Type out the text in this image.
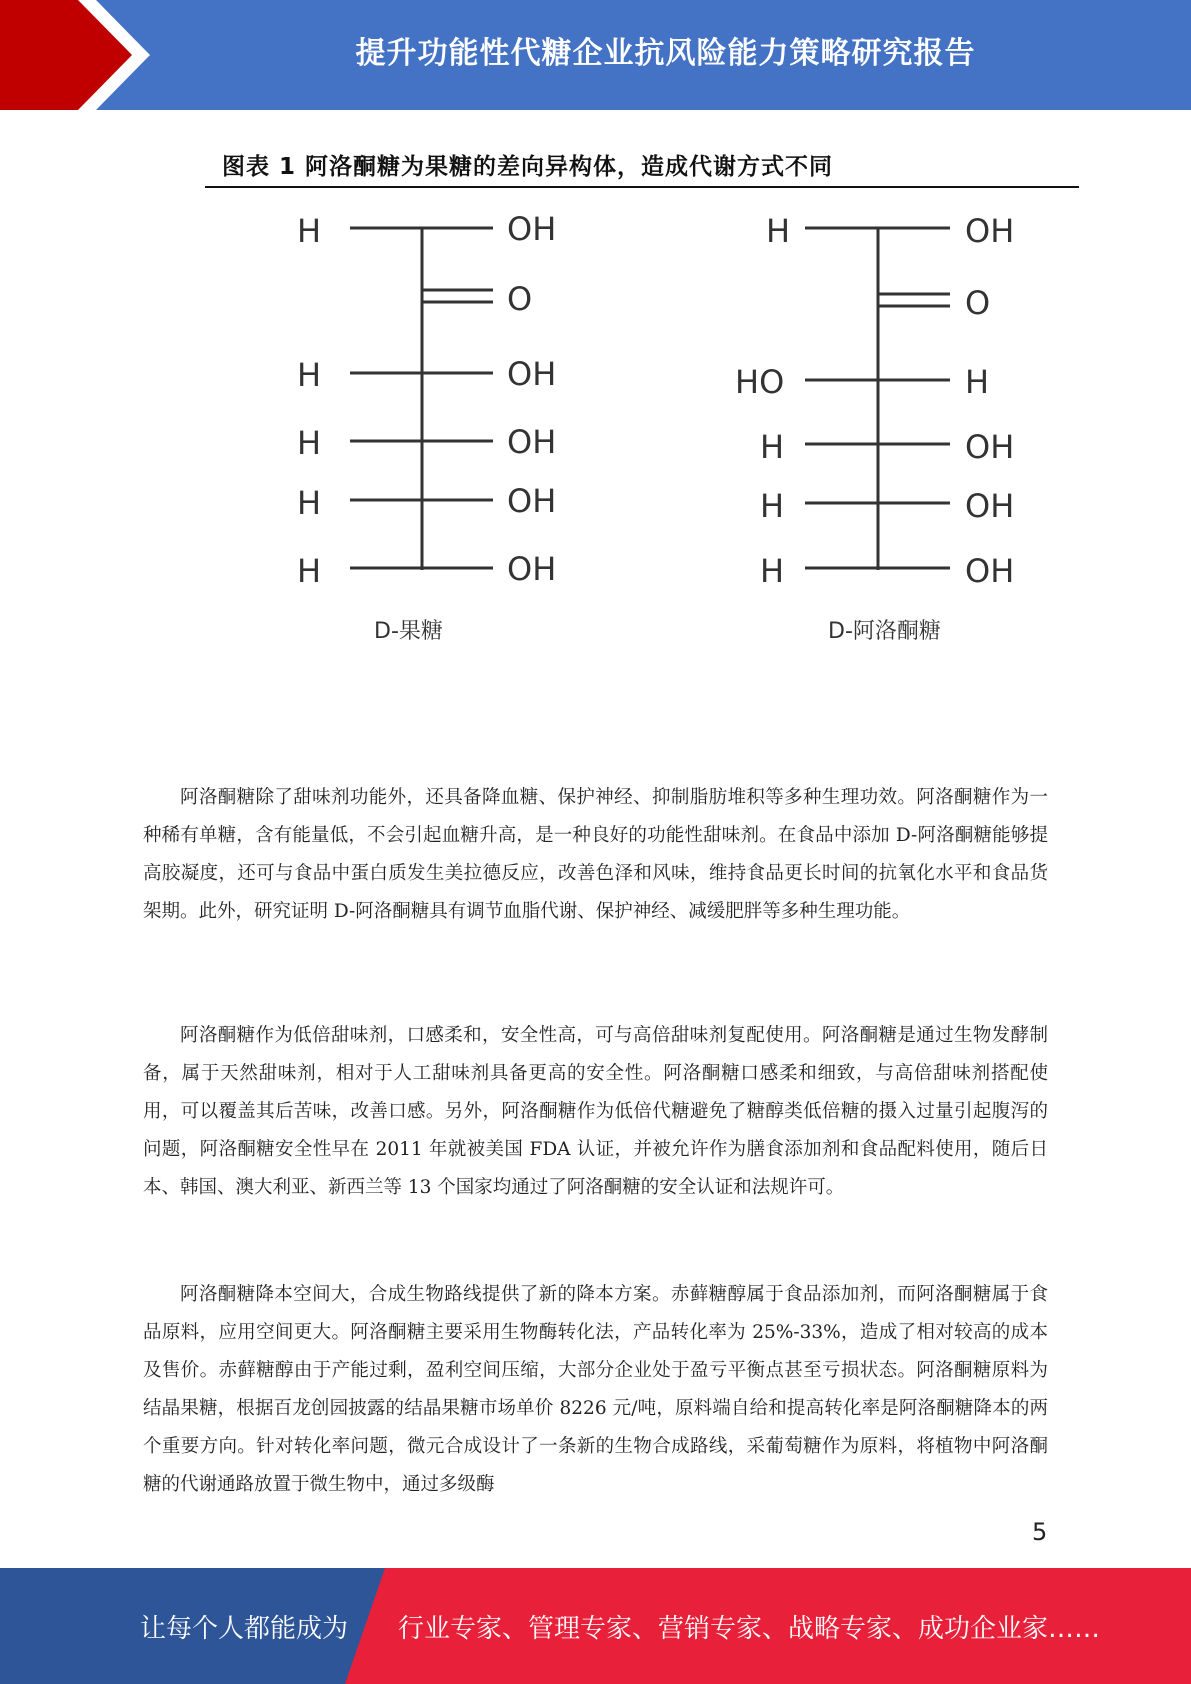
提升功能性代糖企业抗风险能力策略研究报告
图表 1 阿洛酮糖为果糖的差向异构体，造成代谢方式不同
H	OH
O
H	OH
H	OH
H	OH
H	OH
D-果糖
H	OH
O
HO	H
H	OH
H	OH
H	OH
D-阿洛酮糖

阿洛酮糖除了甜味剂功能外，还具备降血糖、保护神经、抑制脂肪堆积等多种生理功效。阿洛酮糖作为一种稀有单糖，含有能量低，不会引起血糖升高，是一种良好的功能性甜味剂。在食品中添加 D-阿洛酮糖能够提高胶凝度，还可与食品中蛋白质发生美拉德反应，改善色泽和风味，维持食品更长时间的抗氧化水平和食品货架期。此外，研究证明 D-阿洛酮糖具有调节血脂代谢、保护神经、减缓肥胖等多种生理功能。

阿洛酮糖作为低倍甜味剂，口感柔和，安全性高，可与高倍甜味剂复配使用。阿洛酮糖是通过生物发酵制备，属于天然甜味剂，相对于人工甜味剂具备更高的安全性。阿洛酮糖口感柔和细致，与高倍甜味剂搭配使用，可以覆盖其后苦味，改善口感。另外，阿洛酮糖作为低倍代糖避免了糖醇类低倍糖的摄入过量引起腹泻的问题，阿洛酮糖安全性早在 2011 年就被美国 FDA 认证，并被允许作为膳食添加剂和食品配料使用，随后日本、韩国、澳大利亚、新西兰等 13 个国家均通过了阿洛酮糖的安全认证和法规许可。

阿洛酮糖降本空间大，合成生物路线提供了新的降本方案。赤藓糖醇属于食品添加剂，而阿洛酮糖属于食品原料，应用空间更大。阿洛酮糖主要采用生物酶转化法，产品转化率为 25%-33%，造成了相对较高的成本及售价。赤藓糖醇由于产能过剩，盈利空间压缩，大部分企业处于盈亏平衡点甚至亏损状态。阿洛酮糖原料为结晶果糖，根据百龙创园披露的结晶果糖市场单价 8226 元/吨，原料端自给和提高转化率是阿洛酮糖降本的两个重要方向。针对转化率问题，微元合成设计了一条新的生物合成路线，采葡萄糖作为原料，将植物中阿洛酮糖的代谢通路放置于微生物中，通过多级酶

5
让每个人都能成为 行业专家、管理专家、营销专家、战略专家、成功企业家……
